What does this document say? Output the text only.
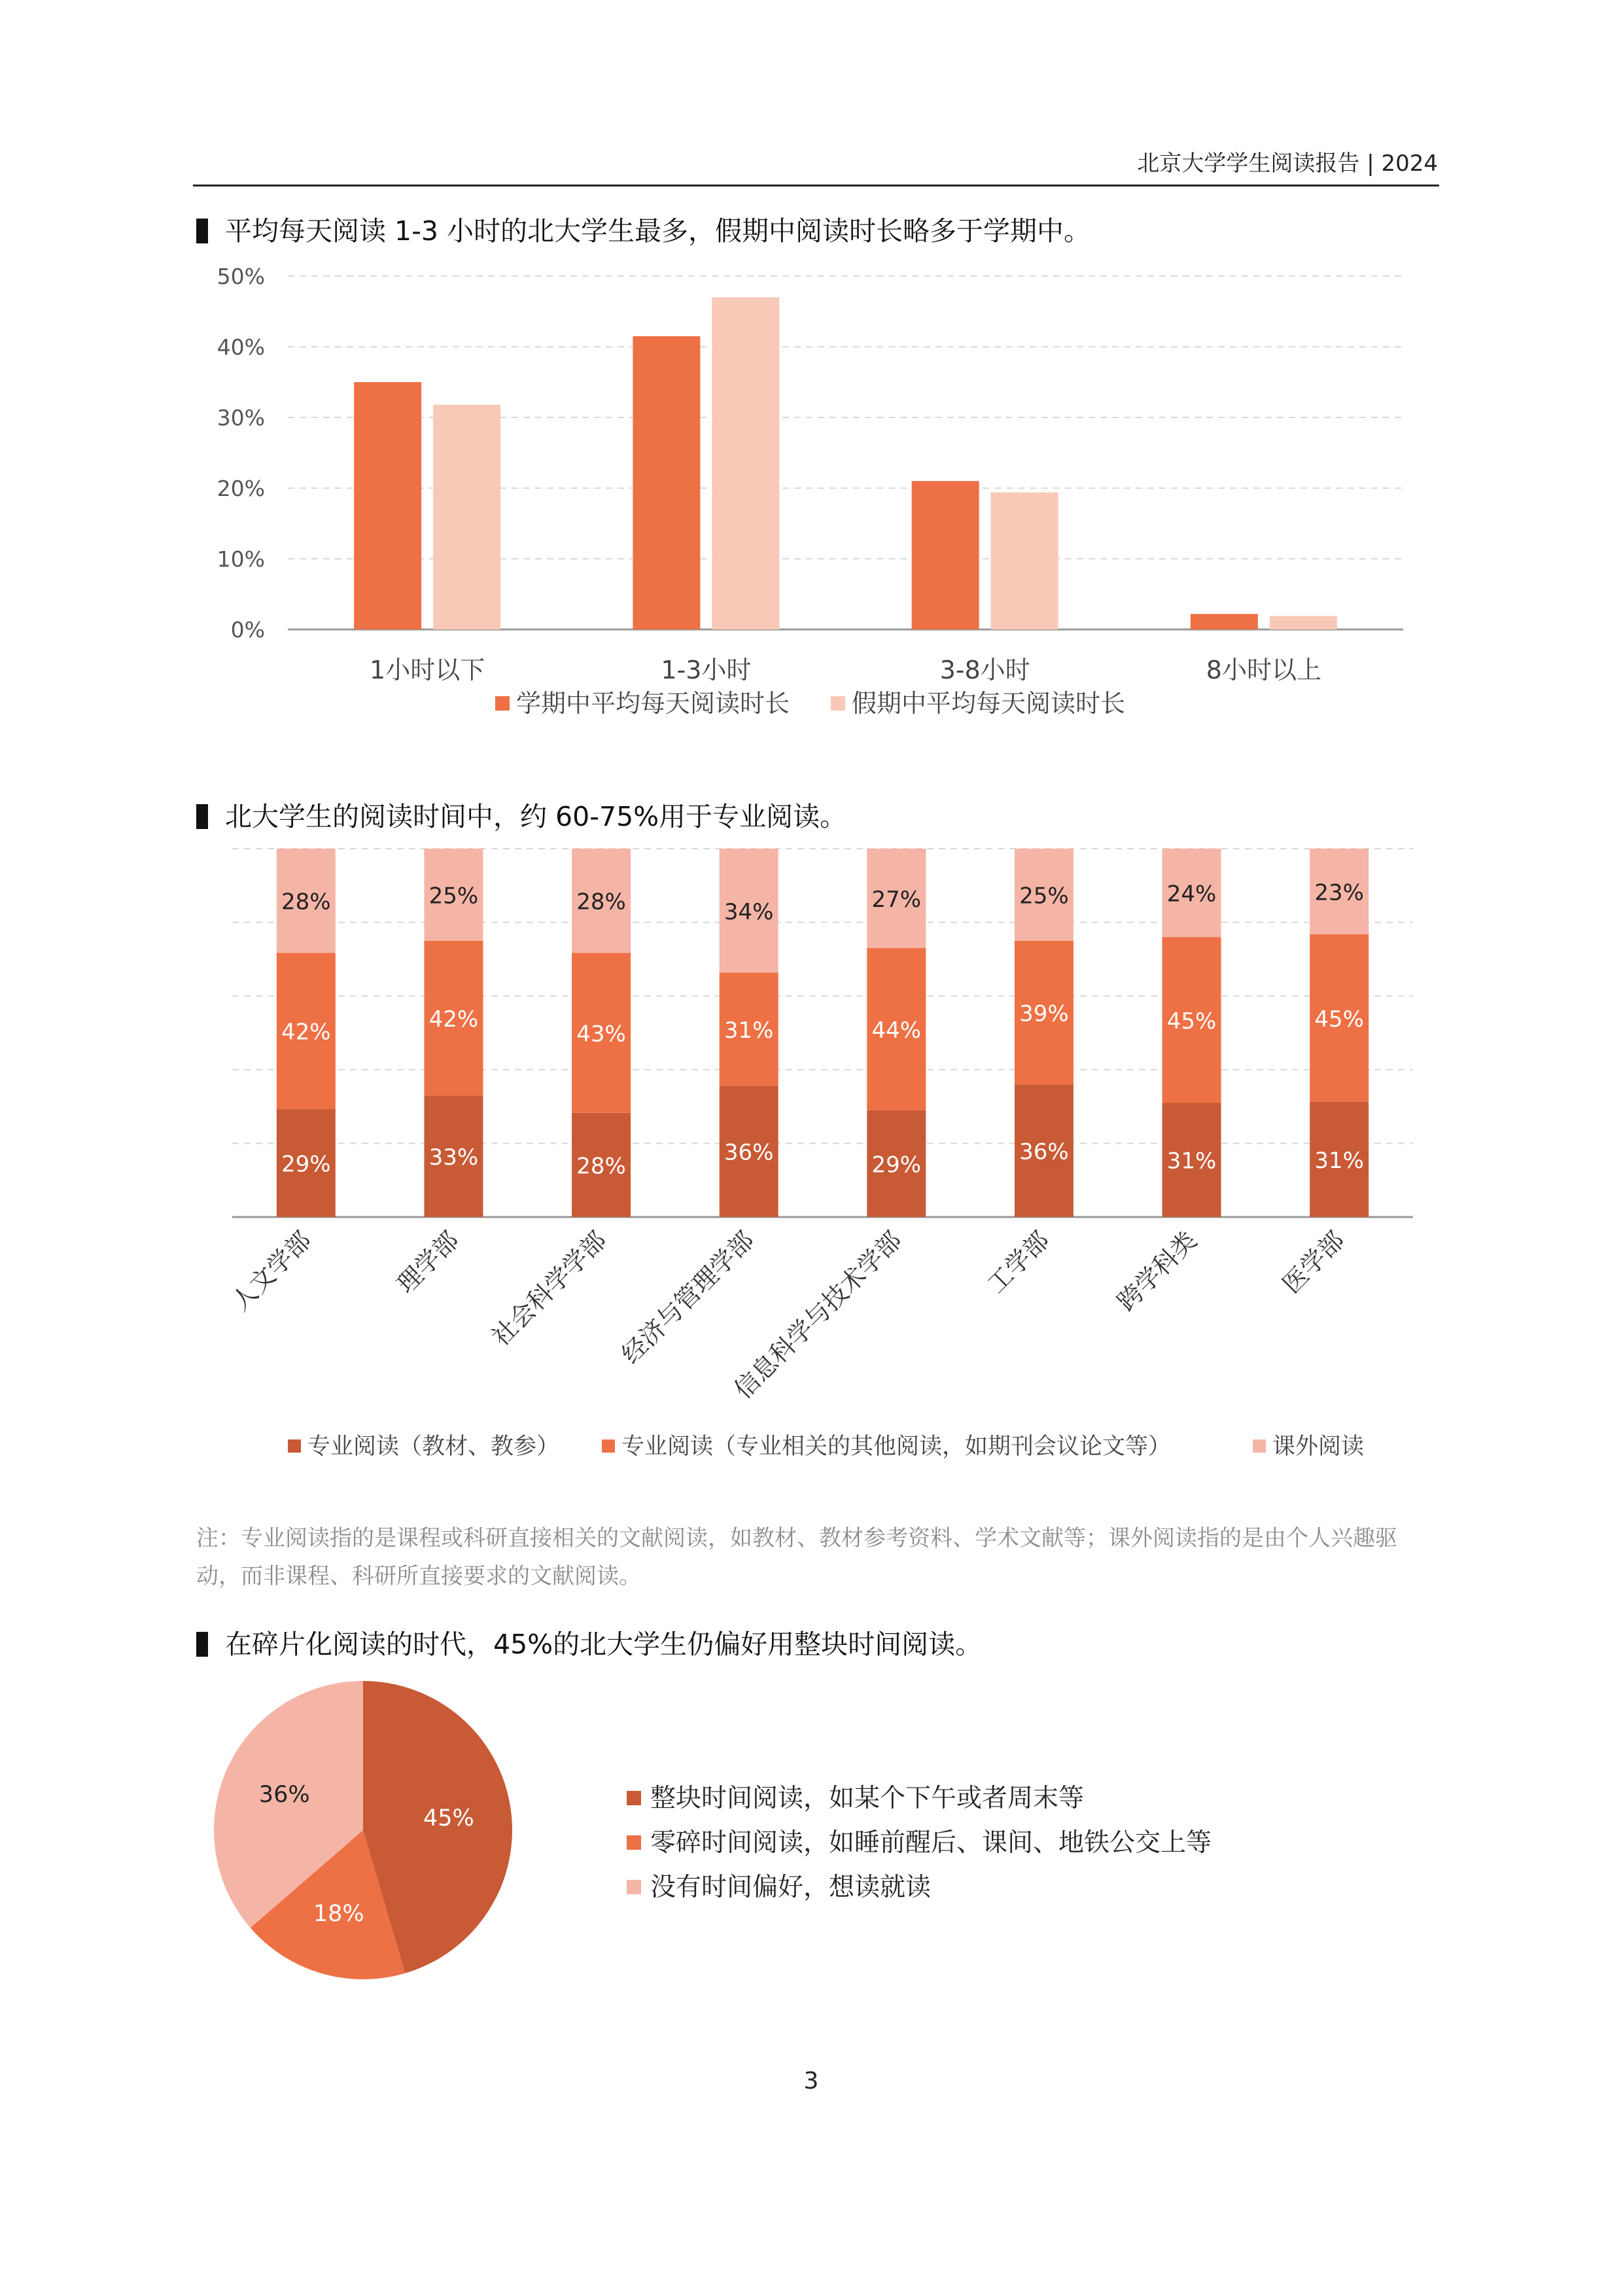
北京大学学生阅读报告 | 2024
平均每天阅读 1-3 小时的北大学生最多，假期中阅读时长略多于学期中。
0%
10%
20%
30%
40%
50%
1小时以下	1-3小时	3-8小时	8小时以上
学期中平均每天阅读时长 假期中平均每天阅读时长
北大学生的阅读时间中，约 60-75%用于专业阅读。
29%
42%
28%
人文学部
33%
42%
25%
理学部
28%
43%
28%
社会科学学部
36%
31%
34%
经济与管理学部
29%
44%
27%
信息科学与技术学部
36%
39%
25%
工学部
31%
45%
24%
跨学科类
31%
45%
23%
医学部
专业阅读（教材、教参）	专业阅读（专业相关的其他阅读，如期刊会议论文等）	课外阅读
注：专业阅读指的是课程或科研直接相关的文献阅读，如教材、教材参考资料、学术文献等；课外阅读指的是由个人兴趣驱动，而非课程、科研所直接要求的文献阅读。
在碎片化阅读的时代，45%的北大学生仍偏好用整块时间阅读。
45%
18%
36%	整块时间阅读，如某个下午或者周末等
零碎时间阅读，如睡前醒后、课间、地铁公交上等
没有时间偏好，想读就读
3
